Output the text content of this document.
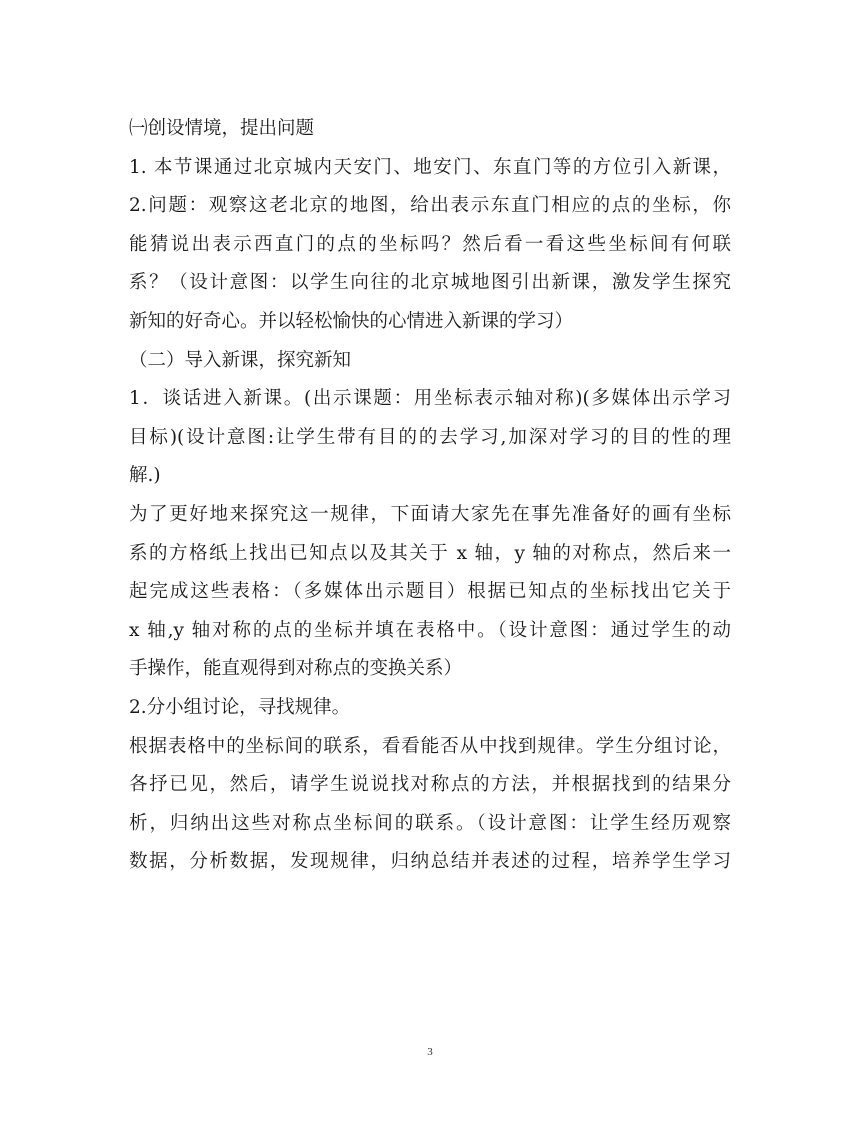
㈠创设情境，提出问题
1. 本节课通过北京城内天安门、地安门、东直门等的方位引入新课，
2.问题：观察这老北京的地图，给出表示东直门相应的点的坐标，你
能猜说出表示西直门的点的坐标吗？然后看一看这些坐标间有何联
系？（设计意图：以学生向往的北京城地图引出新课，激发学生探究
新知的好奇心。并以轻松愉快的心情进入新课的学习）
（二）导入新课，探究新知
1．谈话进入新课。(出示课题：用坐标表示轴对称)(多媒体出示学习
目标)(设计意图:让学生带有目的的去学习,加深对学习的目的性的理
解.)
为了更好地来探究这一规律，下面请大家先在事先准备好的画有坐标
系的方格纸上找出已知点以及其关于 x 轴，y 轴的对称点，然后来一
起完成这些表格：（多媒体出示题目）根据已知点的坐标找出它关于
x 轴,y 轴对称的点的坐标并填在表格中。（设计意图：通过学生的动
手操作，能直观得到对称点的变换关系）
2.分小组讨论，寻找规律。
根据表格中的坐标间的联系，看看能否从中找到规律。学生分组讨论，
各抒已见，然后，请学生说说找对称点的方法，并根据找到的结果分
析，归纳出这些对称点坐标间的联系。（设计意图：让学生经历观察
数据，分析数据，发现规律，归纳总结并表述的过程，培养学生学习
3
